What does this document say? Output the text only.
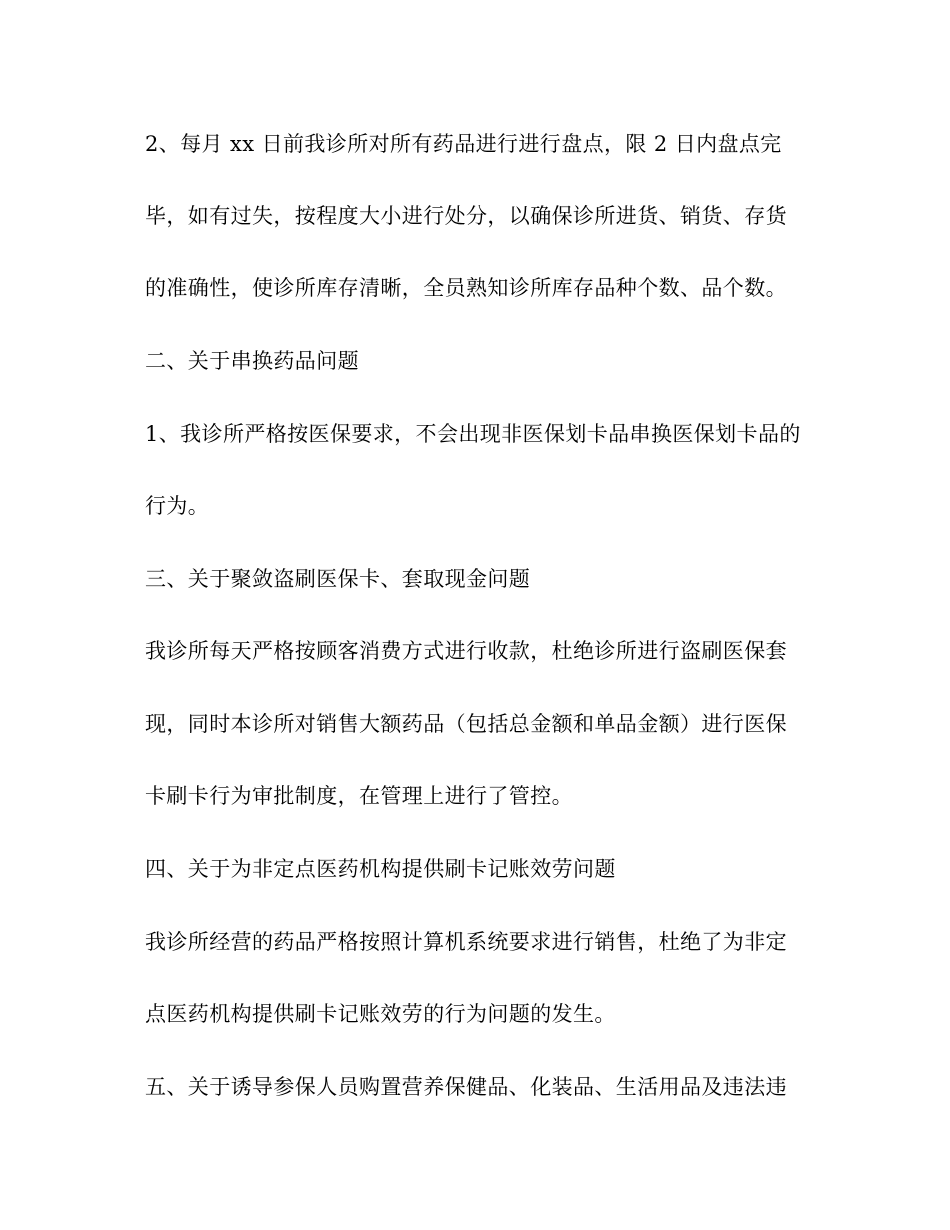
2、每月 xx 日前我诊所对所有药品进行进行盘点，限 2 日内盘点完
毕，如有过失，按程度大小进行处分，以确保诊所进货、销货、存货
的准确性，使诊所库存清晰，全员熟知诊所库存品种个数、品个数。
二、关于串换药品问题
1、我诊所严格按医保要求，不会出现非医保划卡品串换医保划卡品的
行为。
三、关于聚敛盗刷医保卡、套取现金问题
我诊所每天严格按顾客消费方式进行收款，杜绝诊所进行盗刷医保套
现，同时本诊所对销售大额药品（包括总金额和单品金额）进行医保
卡刷卡行为审批制度，在管理上进行了管控。
四、关于为非定点医药机构提供刷卡记账效劳问题
我诊所经营的药品严格按照计算机系统要求进行销售，杜绝了为非定
点医药机构提供刷卡记账效劳的行为问题的发生。
五、关于诱导参保人员购置营养保健品、化装品、生活用品及违法违
